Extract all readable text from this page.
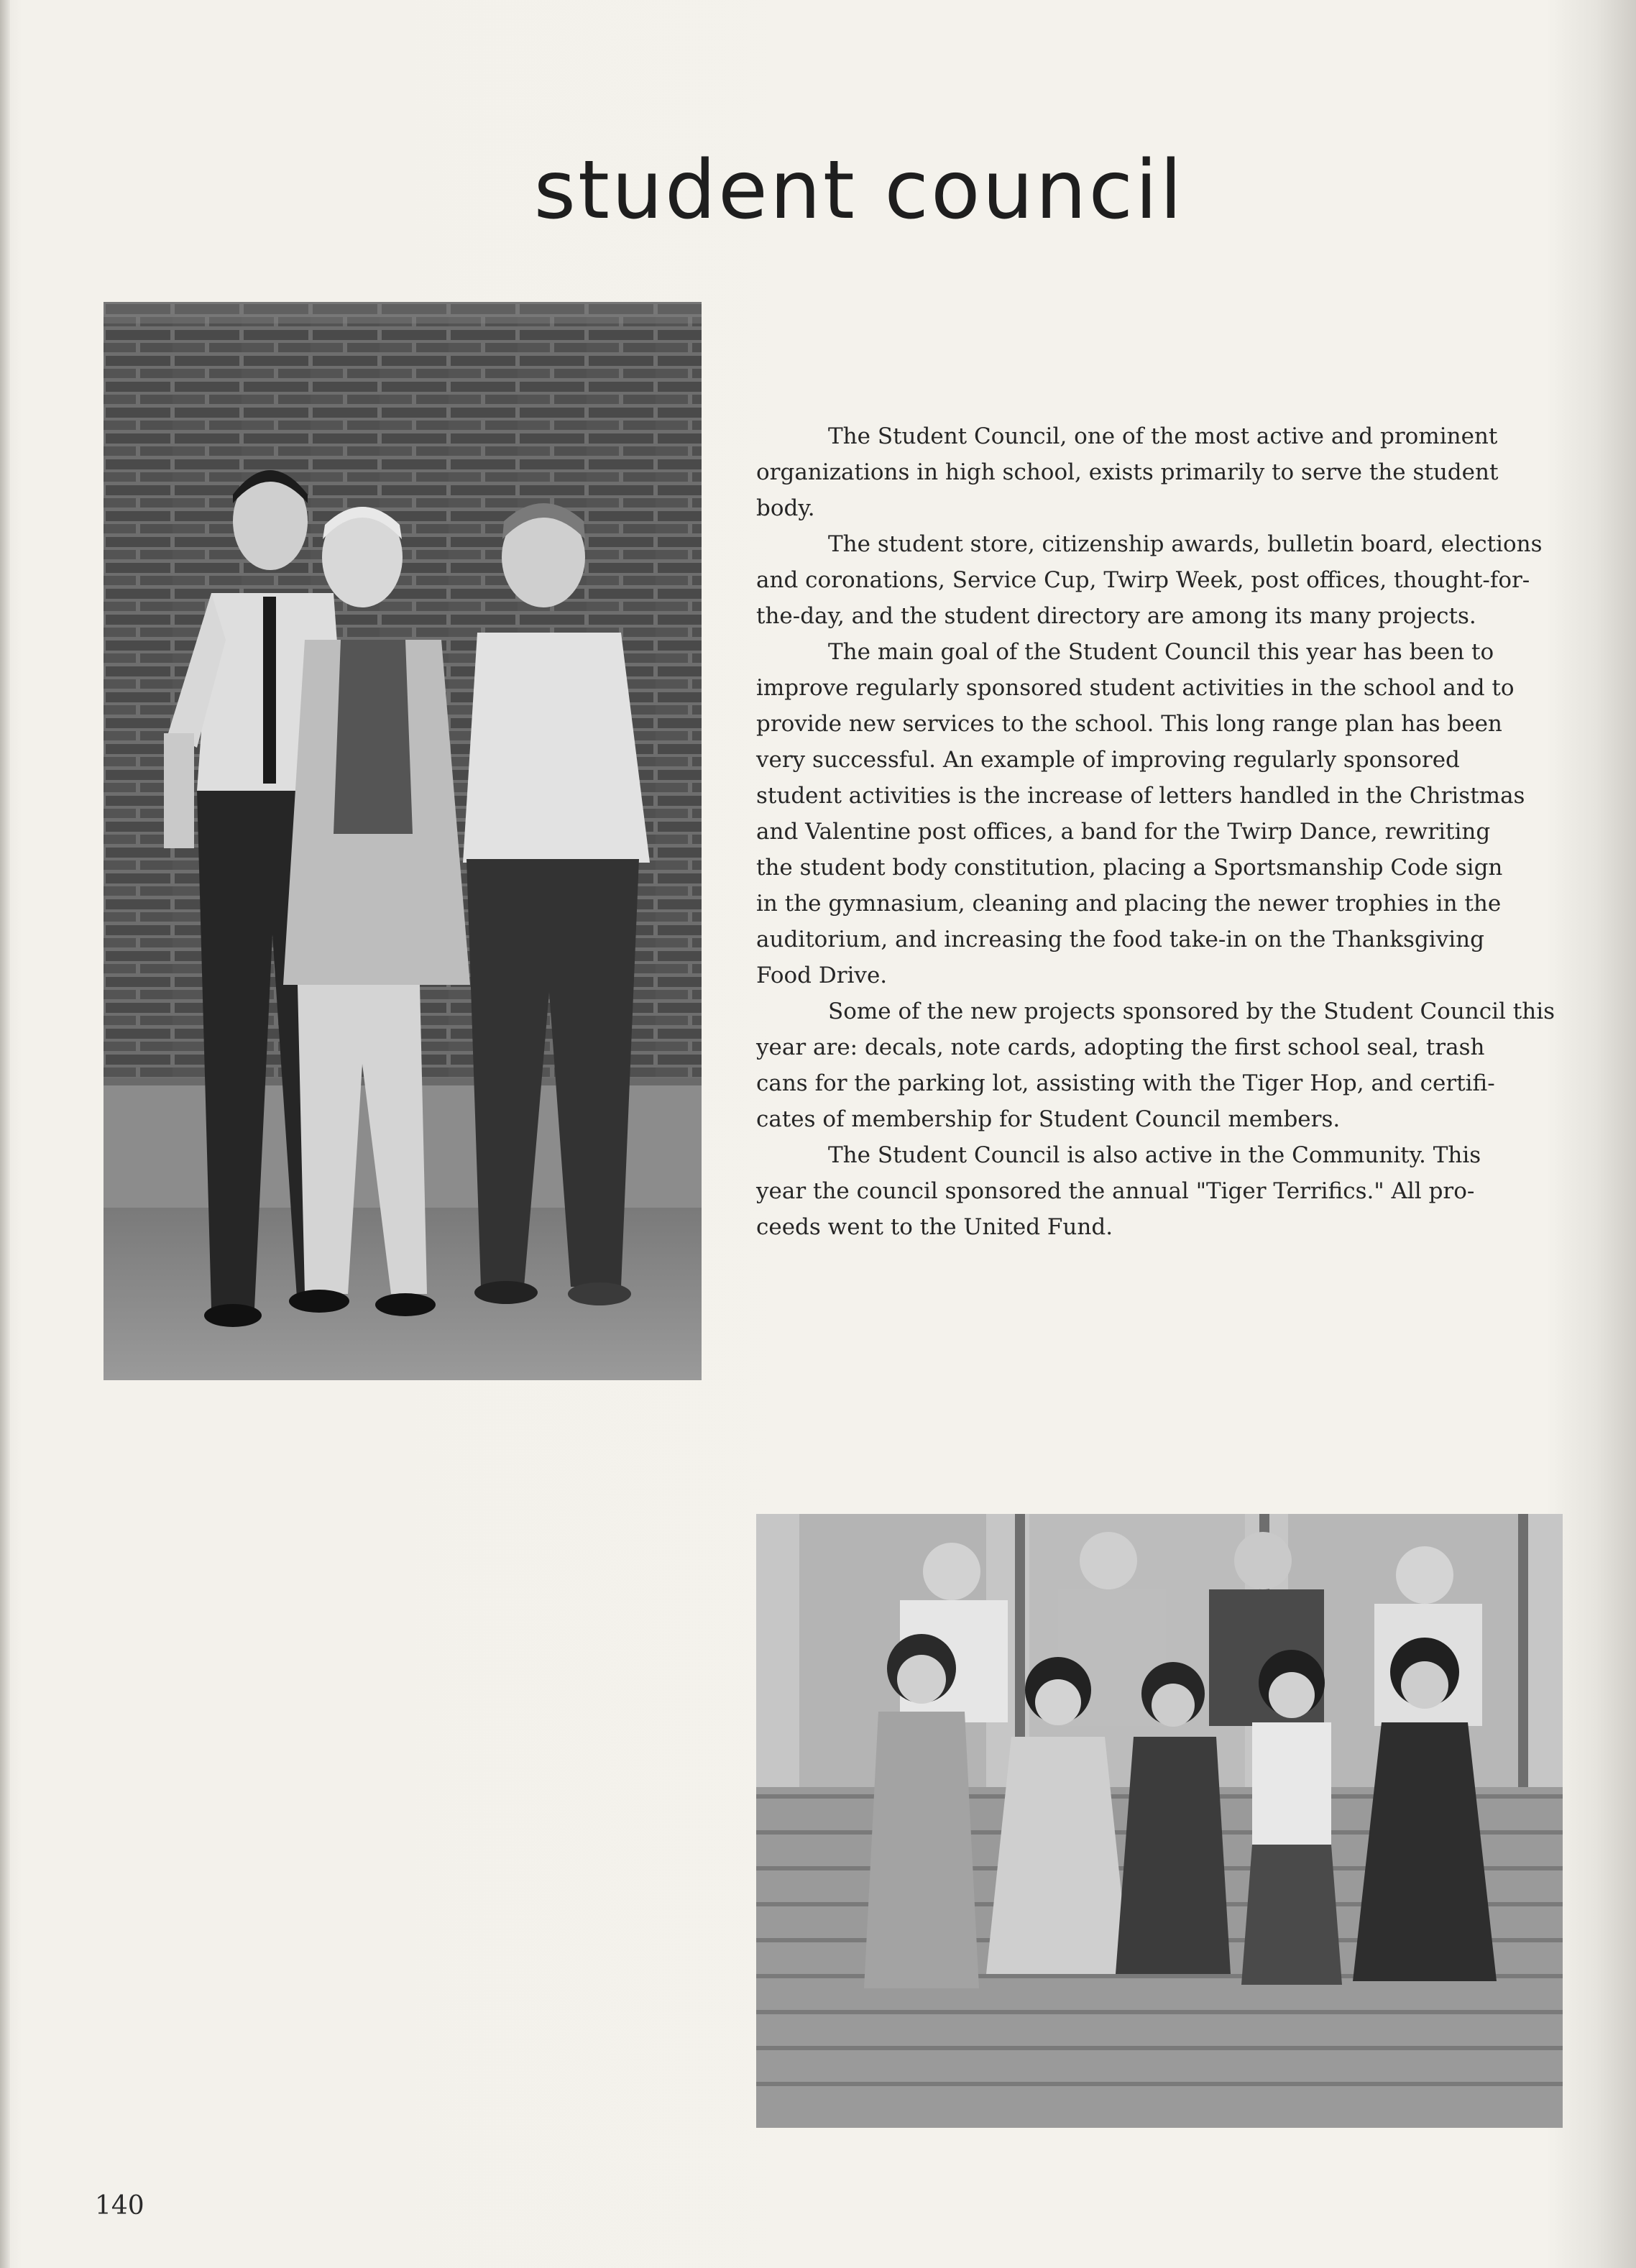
student council

The Student Council, one of the most active and prominent
organizations in high school, exists primarily to serve the student
body.

The student store, citizenship awards, bulletin board, elections
and coronations, Service Cup, Twirp Week, post offices, thought-for-
the-day, and the student directory are among its many projects.

The main goal of the Student Council this year has been to
improve regularly sponsored student activities in the school and to
provide new services to the school. This long range plan has been
very successful. An example of improving regularly sponsored
student activities is the increase of letters handled in the Christmas
and Valentine post offices, a band for the Twirp Dance, rewriting
the student body constitution, placing a Sportsmanship Code sign
in the gymnasium, cleaning and placing the newer trophies in the
auditorium, and increasing the food take-in on the Thanksgiving
Food Drive.

Some of the new projects sponsored by the Student Council this
year are: decals, note cards, adopting the first school seal, trash
cans for the parking lot, assisting with the Tiger Hop, and certifi-
cates of membership for Student Council members.

The Student Council is also active in the Community. This
year the council sponsored the annual "Tiger Terrifics." All pro-
ceeds went to the United Fund.

140
